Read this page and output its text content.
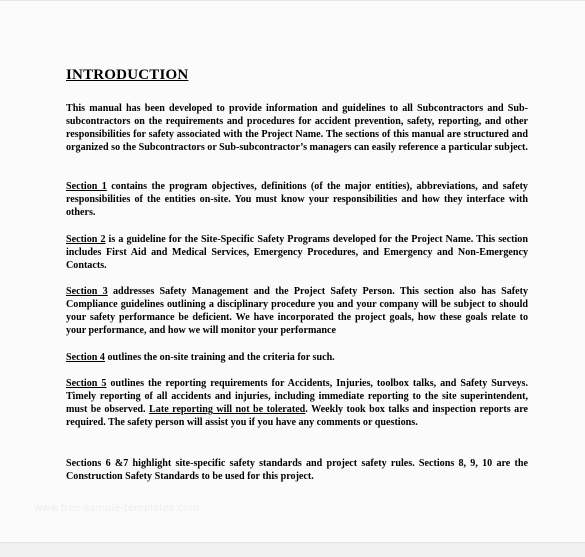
INTRODUCTION

This manual has been developed to provide information and guidelines to all Subcontractors and Sub-subcontractors on the requirements and procedures for accident prevention, safety, reporting, and other responsibilities for safety associated with the Project Name. The sections of this manual are structured and organized so the Subcontractors or Sub-subcontractor’s managers can easily reference a particular subject.

Section 1 contains the program objectives, definitions (of the major entities), abbreviations, and safety responsibilities of the entities on-site. You must know your responsibilities and how they interface with others.

Section 2 is a guideline for the Site-Specific Safety Programs developed for the Project Name. This section includes First Aid and Medical Services, Emergency Procedures, and Emergency and Non-Emergency Contacts.

Section 3 addresses Safety Management and the Project Safety Person. This section also has Safety Compliance guidelines outlining a disciplinary procedure you and your company will be subject to should your safety performance be deficient. We have incorporated the project goals, how these goals relate to your performance, and how we will monitor your performance

Section 4 outlines the on-site training and the criteria for such.

Section 5 outlines the reporting requirements for Accidents, Injuries, toolbox talks, and Safety Surveys. Timely reporting of all accidents and injuries, including immediate reporting to the site superintendent, must be observed. Late reporting will not be tolerated. Weekly took box talks and inspection reports are required. The safety person will assist you if you have any comments or questions.

Sections 6 &7 highlight site-specific safety standards and project safety rules. Sections 8, 9, 10 are the Construction Safety Standards to be used for this project.

www.free-sample-templates.com
